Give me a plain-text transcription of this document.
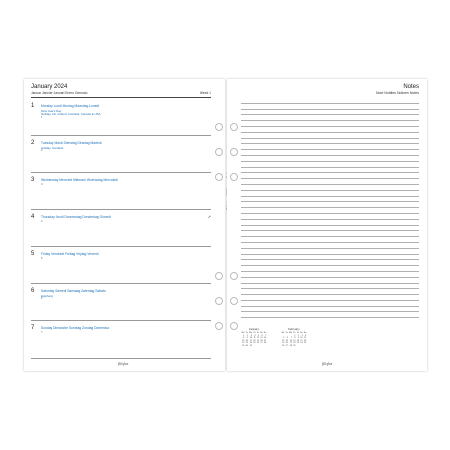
January 2024
Januar Janvier Januari Enero Gennaio	Week 1
1 Monday Lundi Montag Maandag Lunedì
New Year's Day
Holiday, UK, Ireland, Australia, Canada & USA
1
2 Tuesday Mardi Dienstag Dinsdag Martedì
Holiday, Scotland
2
3 Wednesday Mercredi Mittwoch Woensdag Mercoledì
3
4 Thursday Jeudi Donnerstag Donderdag Giovedì
4
➚
5 Friday Vendredi Freitag Vrijdag Venerdì
5
6 Saturday Samedi Samstag Zaterdag Sabato
Epiphany
6
7 Sunday Dimanche Sonntag Zondag Domenica
7
filofax
Notes
Note Notities Notizen Notes
January
Mo	Tu	We	Th	Fr	Sa	Su
1	2	3	4	5	6	7
8	9	10	11	12	13	14
15	16	17	18	19	20	21
22	23	24	25	26	27	28
29	30	31				
February
Mo	Tu	We	Th	Fr	Sa	Su
			1	2	3	4
5	6	7	8	9	10	11
12	13	14	15	16	17	18
19	20	21	22	23	24	25
26	27	28	29			
filofax
